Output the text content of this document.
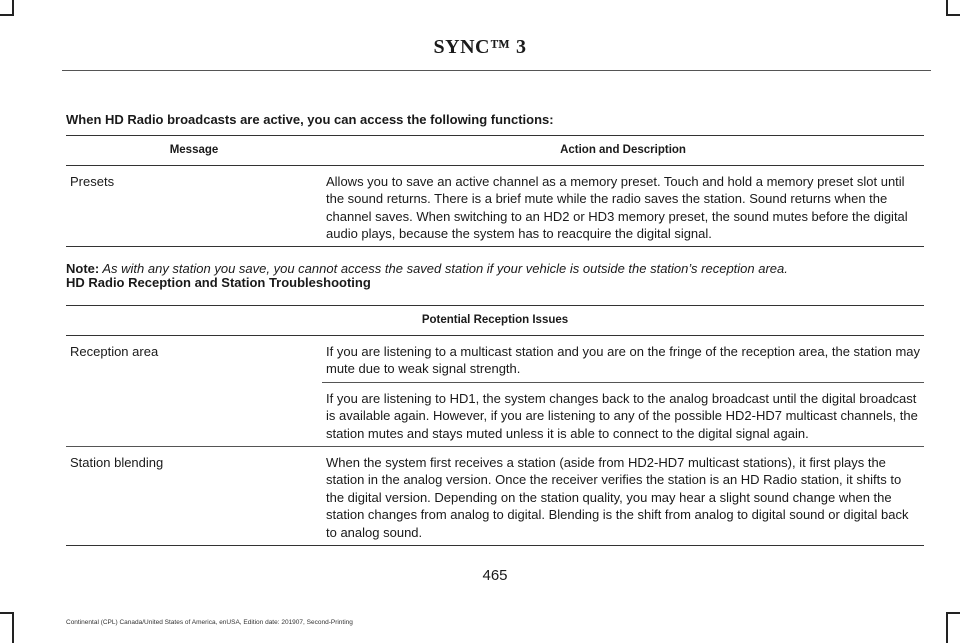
SYNC™ 3
When HD Radio broadcasts are active, you can access the following functions:
Message	Action and Description
Presets	Allows you to save an active channel as a memory preset. Touch and hold a memory preset slot until the sound returns. There is a brief mute while the radio saves the station. Sound returns when the channel saves. When switching to an HD2 or HD3 memory preset, the sound mutes before the digital audio plays, because the system has to reacquire the digital signal.
Note: As with any station you save, you cannot access the saved station if your vehicle is outside the station’s reception area.
HD Radio Reception and Station Troubleshooting
Potential Reception Issues	
Reception area	If you are listening to a multicast station and you are on the fringe of the reception area, the station may mute due to weak signal strength.
If you are listening to HD1, the system changes back to the analog broadcast until the digital broadcast is available again. However, if you are listening to any of the possible HD2-HD7 multicast channels, the station mutes and stays muted unless it is able to connect to the digital signal again.

Station blending	When the system first receives a station (aside from HD2-HD7 multicast stations), it first plays the station in the analog version. Once the receiver verifies the station is an HD Radio station, it shifts to the digital version. Depending on the station quality, you may hear a slight sound change when the station changes from analog to digital. Blending is the shift from analog to digital sound or digital back to analog sound.
465
Continental (CPL) Canada/United States of America, enUSA, Edition date: 201907, Second-Printing
